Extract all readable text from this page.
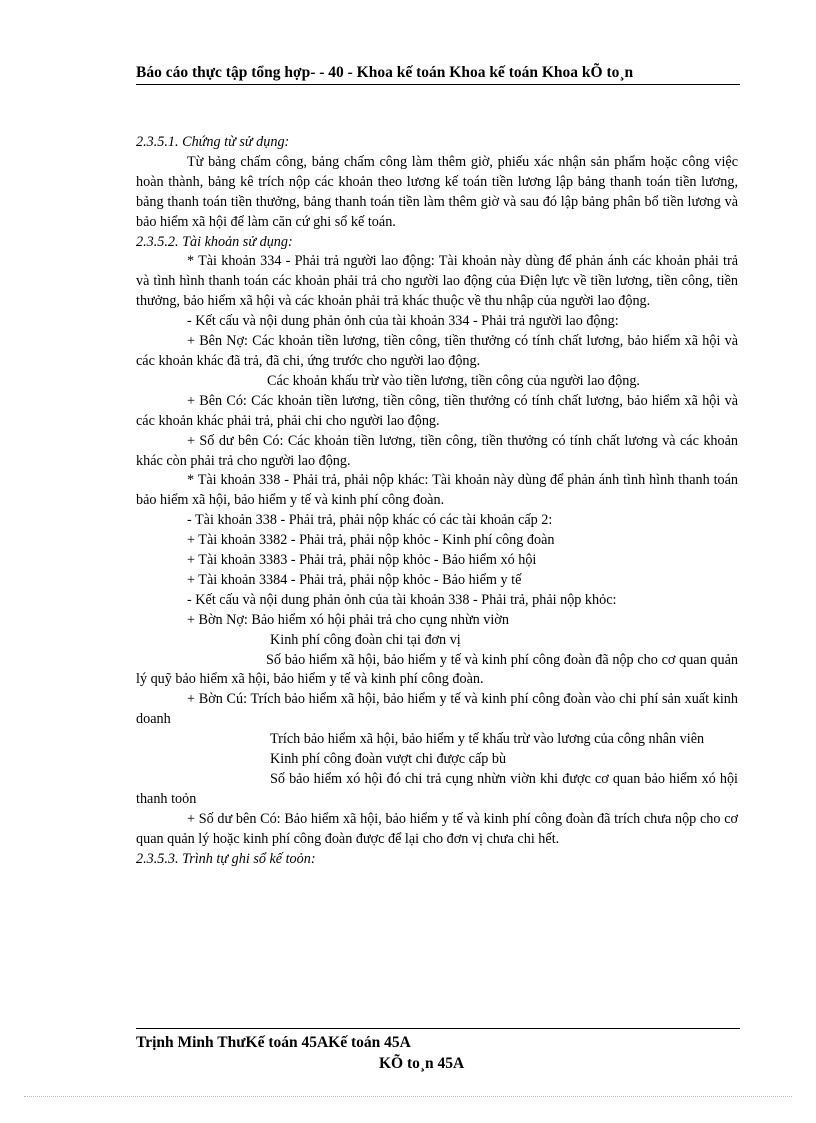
Báo cáo thực tập tổng hợp- - 40 - Khoa kế toán Khoa kế toán Khoa kÕ to¸n

2.3.5.1. Chứng từ sử dụng:

Từ bảng chấm công, bảng chấm công làm thêm giờ, phiếu xác nhận sản phẩm hoặc công việc hoàn thành, bảng kê trích nộp các khoản theo lương kế toán tiền lương lập bảng thanh toán tiền lương, bảng thanh toán tiền thưởng, bảng thanh toán tiền làm thêm giờ và sau đó lập bảng phân bổ tiền lương và bảo hiểm xã hội để làm căn cứ ghi sổ kế toán.

2.3.5.2. Tài khoản sử dụng:

* Tài khoản 334 - Phải trả người lao động: Tài khoản này dùng để phản ánh các khoản phải trả và tình hình thanh toán các khoản phải trả cho người lao động của Điện lực về tiền lương, tiền công, tiền thưởng, bảo hiểm xã hội và các khoản phải trả khác thuộc về thu nhập của người lao động.

- Kết cấu và nội dung phản ỏnh của tài khoản 334 - Phải trả người lao động:

+ Bên Nợ: Các khoản tiền lương, tiền công, tiền thưởng có tính chất lương, bảo hiểm xã hội và các khoản khác đã trả, đã chi, ứng trước cho người lao động.

Các khoản khấu trừ vào tiền lương, tiền công của người lao động.

+ Bên Có: Các khoản tiền lương, tiền công, tiền thưởng có tính chất lương, bảo hiểm xã hội và các khoản khác phải trả, phải chi cho người lao động.

+ Số dư bên Có: Các khoản tiền lương, tiền công, tiền thưởng có tính chất lương và các khoản khác còn phải trả cho người lao động.

* Tài khoản 338 - Phải trả, phải nộp khác: Tài khoản này dùng để phản ánh tình hình thanh toán bảo hiểm xã hội, bảo hiểm y tế và kinh phí công đoàn.

- Tài khoản 338 - Phải trả, phải nộp khác có các tài khoản cấp 2:

+ Tài khoản 3382 - Phải trả, phải nộp khỏc - Kinh phí công đoàn

+ Tài khoản 3383 - Phải trả, phải nộp khỏc - Bảo hiểm xó hội

+ Tài khoản 3384 - Phải trả, phải nộp khỏc - Bảo hiểm y tế

- Kết cấu và nội dung phản ỏnh của tài khoản 338 - Phải trả, phải nộp khỏc:

+ Bờn Nợ: Bảo hiểm xó hội phải trả cho cụng nhừn viờn

Kinh phí công đoàn chi tại đơn vị

Số bảo hiểm xã hội, bảo hiểm y tế và kinh phí công đoàn đã nộp cho cơ quan quản lý quỹ bảo hiểm xã hội, bảo hiểm y tế và kinh phí công đoàn.

+ Bờn Cú: Trích bảo hiểm xã hội, bảo hiểm y tế và kinh phí công đoàn vào chi phí sản xuất kinh doanh

Trích bảo hiểm xã hội, bảo hiểm y tế khấu trừ vào lương của công nhân viên

Kinh phí công đoàn vượt chi được cấp bù

Số bảo hiểm xó hội đó chi trả cụng nhừn viờn khi được cơ quan bảo hiểm xó hội thanh toỏn

+ Số dư bên Có: Bảo hiểm xã hội, bảo hiểm y tế và kinh phí công đoàn đã trích chưa nộp cho cơ quan quản lý hoặc kinh phí công đoàn được để lại cho đơn vị chưa chi hết.

2.3.5.3. Trình tự ghi sổ kế toỏn:

Trịnh Minh ThưKế toán 45AKế toán 45A
KÕ to¸n 45A
